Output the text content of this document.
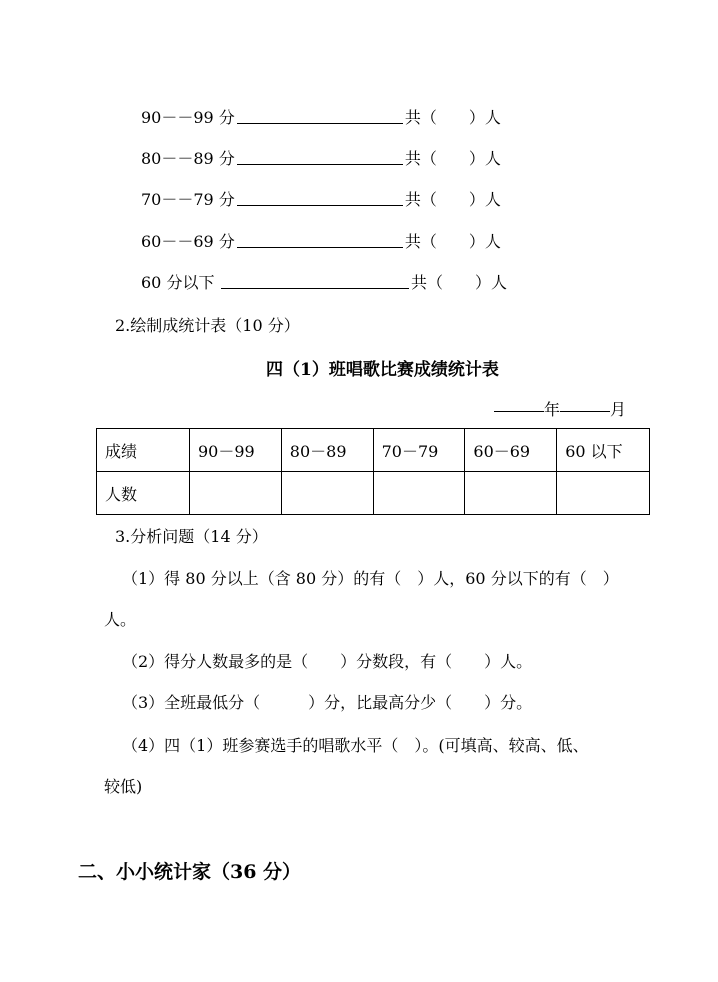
90－－99 分	共（　　）人
80－－89 分	共（　　）人
70－－79 分	共（　　）人
60－－69 分	共（　　）人
60 分以下	共（　　）人
2.绘制成统计表（10 分）
四（1）班唱歌比赛成绩统计表
年	月
成绩	90－99	80－89	70－79	60－69	60 以下
人数					
3.分析问题（14 分）
（1）得 80 分以上（含 80 分）的有（　）人，60 分以下的有（　）
人。
（2）得分人数最多的是（　　）分数段，有（　　）人。
（3）全班最低分（　　　）分，比最高分少（　　）分。
（4）四（1）班参赛选手的唱歌水平（　）。(可填高、较高、低、
较低)
二、小小统计家（36 分）
